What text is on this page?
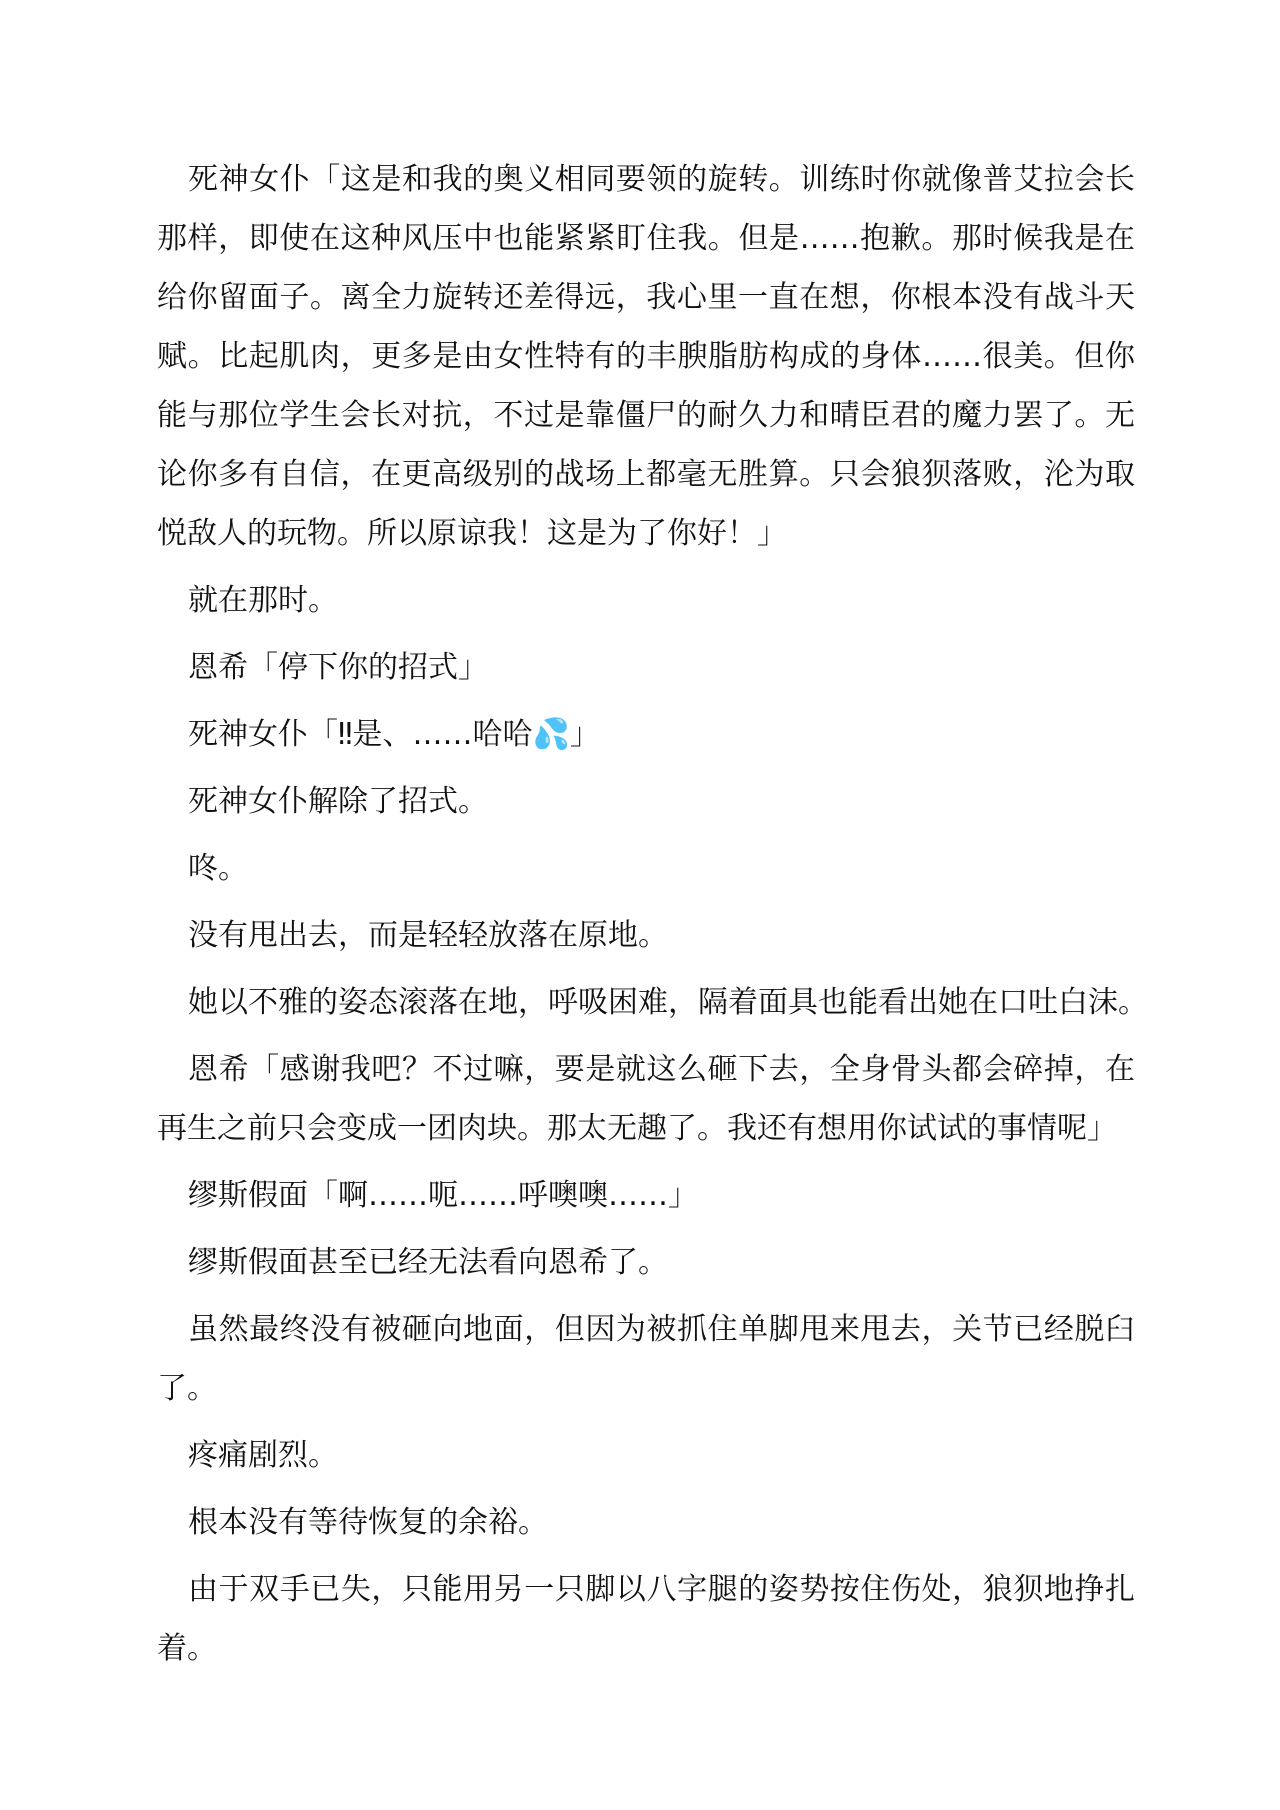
死神女仆「这是和我的奥义相同要领的旋转。训练时你就像普艾拉会长
那样，即使在这种风压中也能紧紧盯住我。但是……抱歉。那时候我是在
给你留面子。离全力旋转还差得远，我心里一直在想，你根本没有战斗天
赋。比起肌肉，更多是由女性特有的丰腴脂肪构成的身体……很美。但你
能与那位学生会长对抗，不过是靠僵尸的耐久力和晴臣君的魔力罢了。无
论你多有自信，在更高级别的战场上都毫无胜算。只会狼狈落败，沦为取
悦敌人的玩物。所以原谅我！这是为了你好！」
就在那时。
恩希「停下你的招式」
死神女仆「‼是、……哈哈💦」
死神女仆解除了招式。
咚。
没有甩出去，而是轻轻放落在原地。
她以不雅的姿态滚落在地，呼吸困难，隔着面具也能看出她在口吐白沫。
恩希「感谢我吧？不过嘛，要是就这么砸下去，全身骨头都会碎掉，在
再生之前只会变成一团肉块。那太无趣了。我还有想用你试试的事情呢」
缪斯假面「啊……呃……呼噢噢……」
缪斯假面甚至已经无法看向恩希了。
虽然最终没有被砸向地面，但因为被抓住单脚甩来甩去，关节已经脱臼
了。
疼痛剧烈。
根本没有等待恢复的余裕。
由于双手已失，只能用另一只脚以八字腿的姿势按住伤处，狼狈地挣扎
着。
